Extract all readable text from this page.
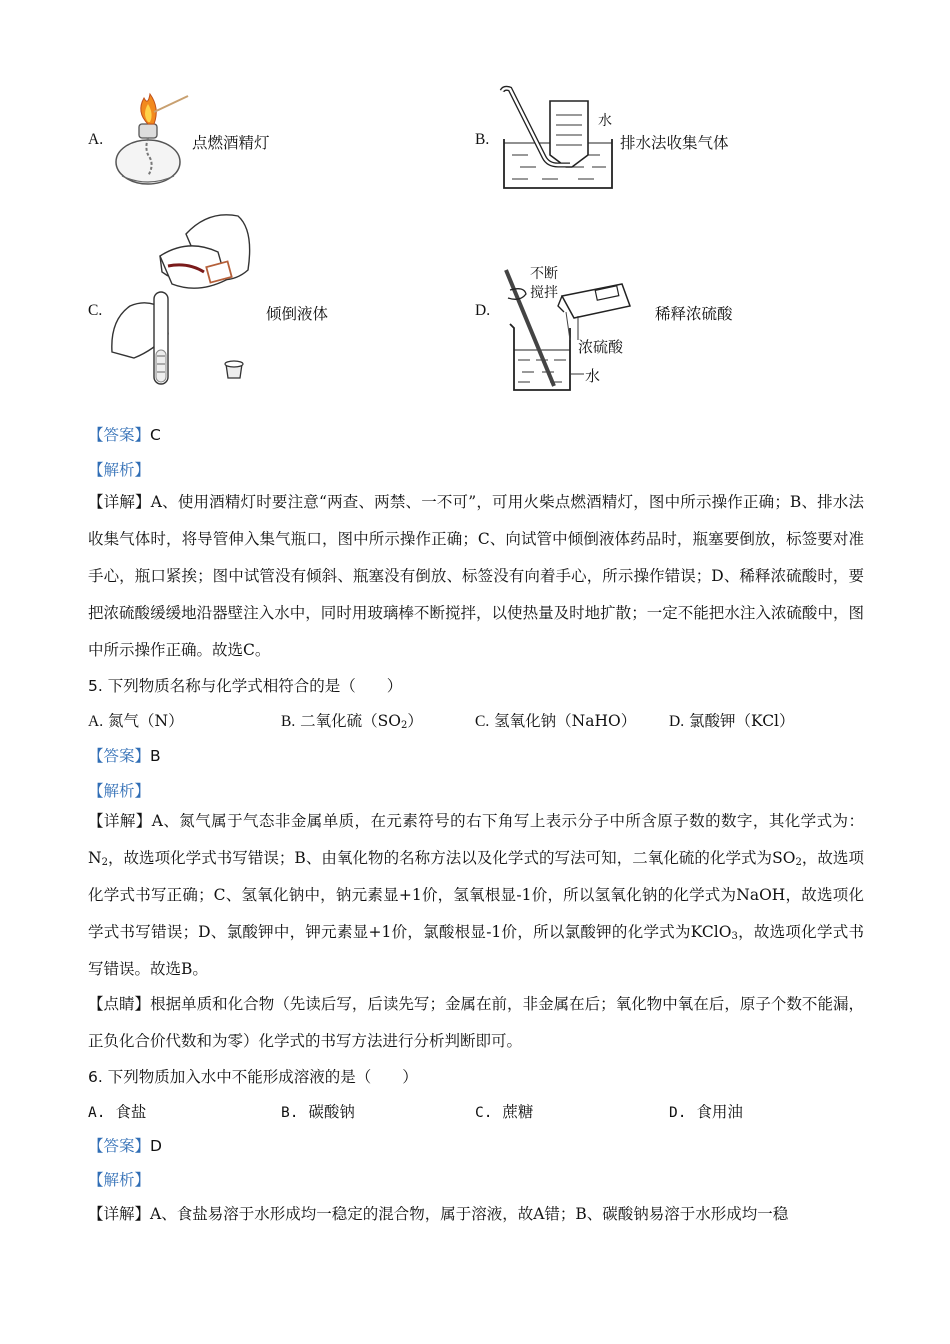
A.	点燃酒精灯	B.
水
排水法收集气体
C.	倾倒液体	D.
不断
搅拌
浓硫酸
水
稀释浓硫酸
【答案】C
【解析】
【详解】A、使用酒精灯时要注意“两查、两禁、一不可”，可用火柴点燃酒精灯，图中所示操作正确；B、排水法收集气体时，将导管伸入集气瓶口，图中所示操作正确；C、向试管中倾倒液体药品时，瓶塞要倒放，标签要对准手心，瓶口紧挨；图中试管没有倾斜、瓶塞没有倒放、标签没有向着手心，所示操作错误；D、稀释浓硫酸时，要把浓硫酸缓缓地沿器壁注入水中，同时用玻璃棒不断搅拌，以使热量及时地扩散；一定不能把水注入浓硫酸中，图中所示操作正确。故选C。
5. 下列物质名称与化学式相符合的是（　　）
A. 氮气（N）	B. 二氧化硫$(SO_2)$	C. 氢氧化钠（NaHO） D. 氯酸钾（KCl）
【答案】B
【解析】
【详解】A、氮气属于气态非金属单质，在元素符号的右下角写上表示分子中所含原子数的数字，其化学式为：$N_2$，故选项化学式书写错误；B、由氧化物的名称方法以及化学式的写法可知，二氧化硫的化学式为$SO_2$，故选项化学式书写正确；C、氢氧化钠中，钠元素显+1价，氢氧根显-1价，所以氢氧化钠的化学式为NaOH，故选项化学式书写错误；D、氯酸钾中，钾元素显+1价，氯酸根显-1价，所以氯酸钾的化学式为KClO$_3$，故选项化学式书写错误。故选B。
【点睛】根据单质和化合物（先读后写，后读先写；金属在前，非金属在后；氧化物中氧在后，原子个数不能漏，正负化合价代数和为零）化学式的书写方法进行分析判断即可。
6. 下列物质加入水中不能形成溶液的是（　　）
A. 食盐	B. 碳酸钠	C. 蔗糖	D. 食用油
【答案】D
【解析】
【详解】A、食盐易溶于水形成均一稳定的混合物，属于溶液，故A错；B、碳酸钠易溶于水形成均一稳
